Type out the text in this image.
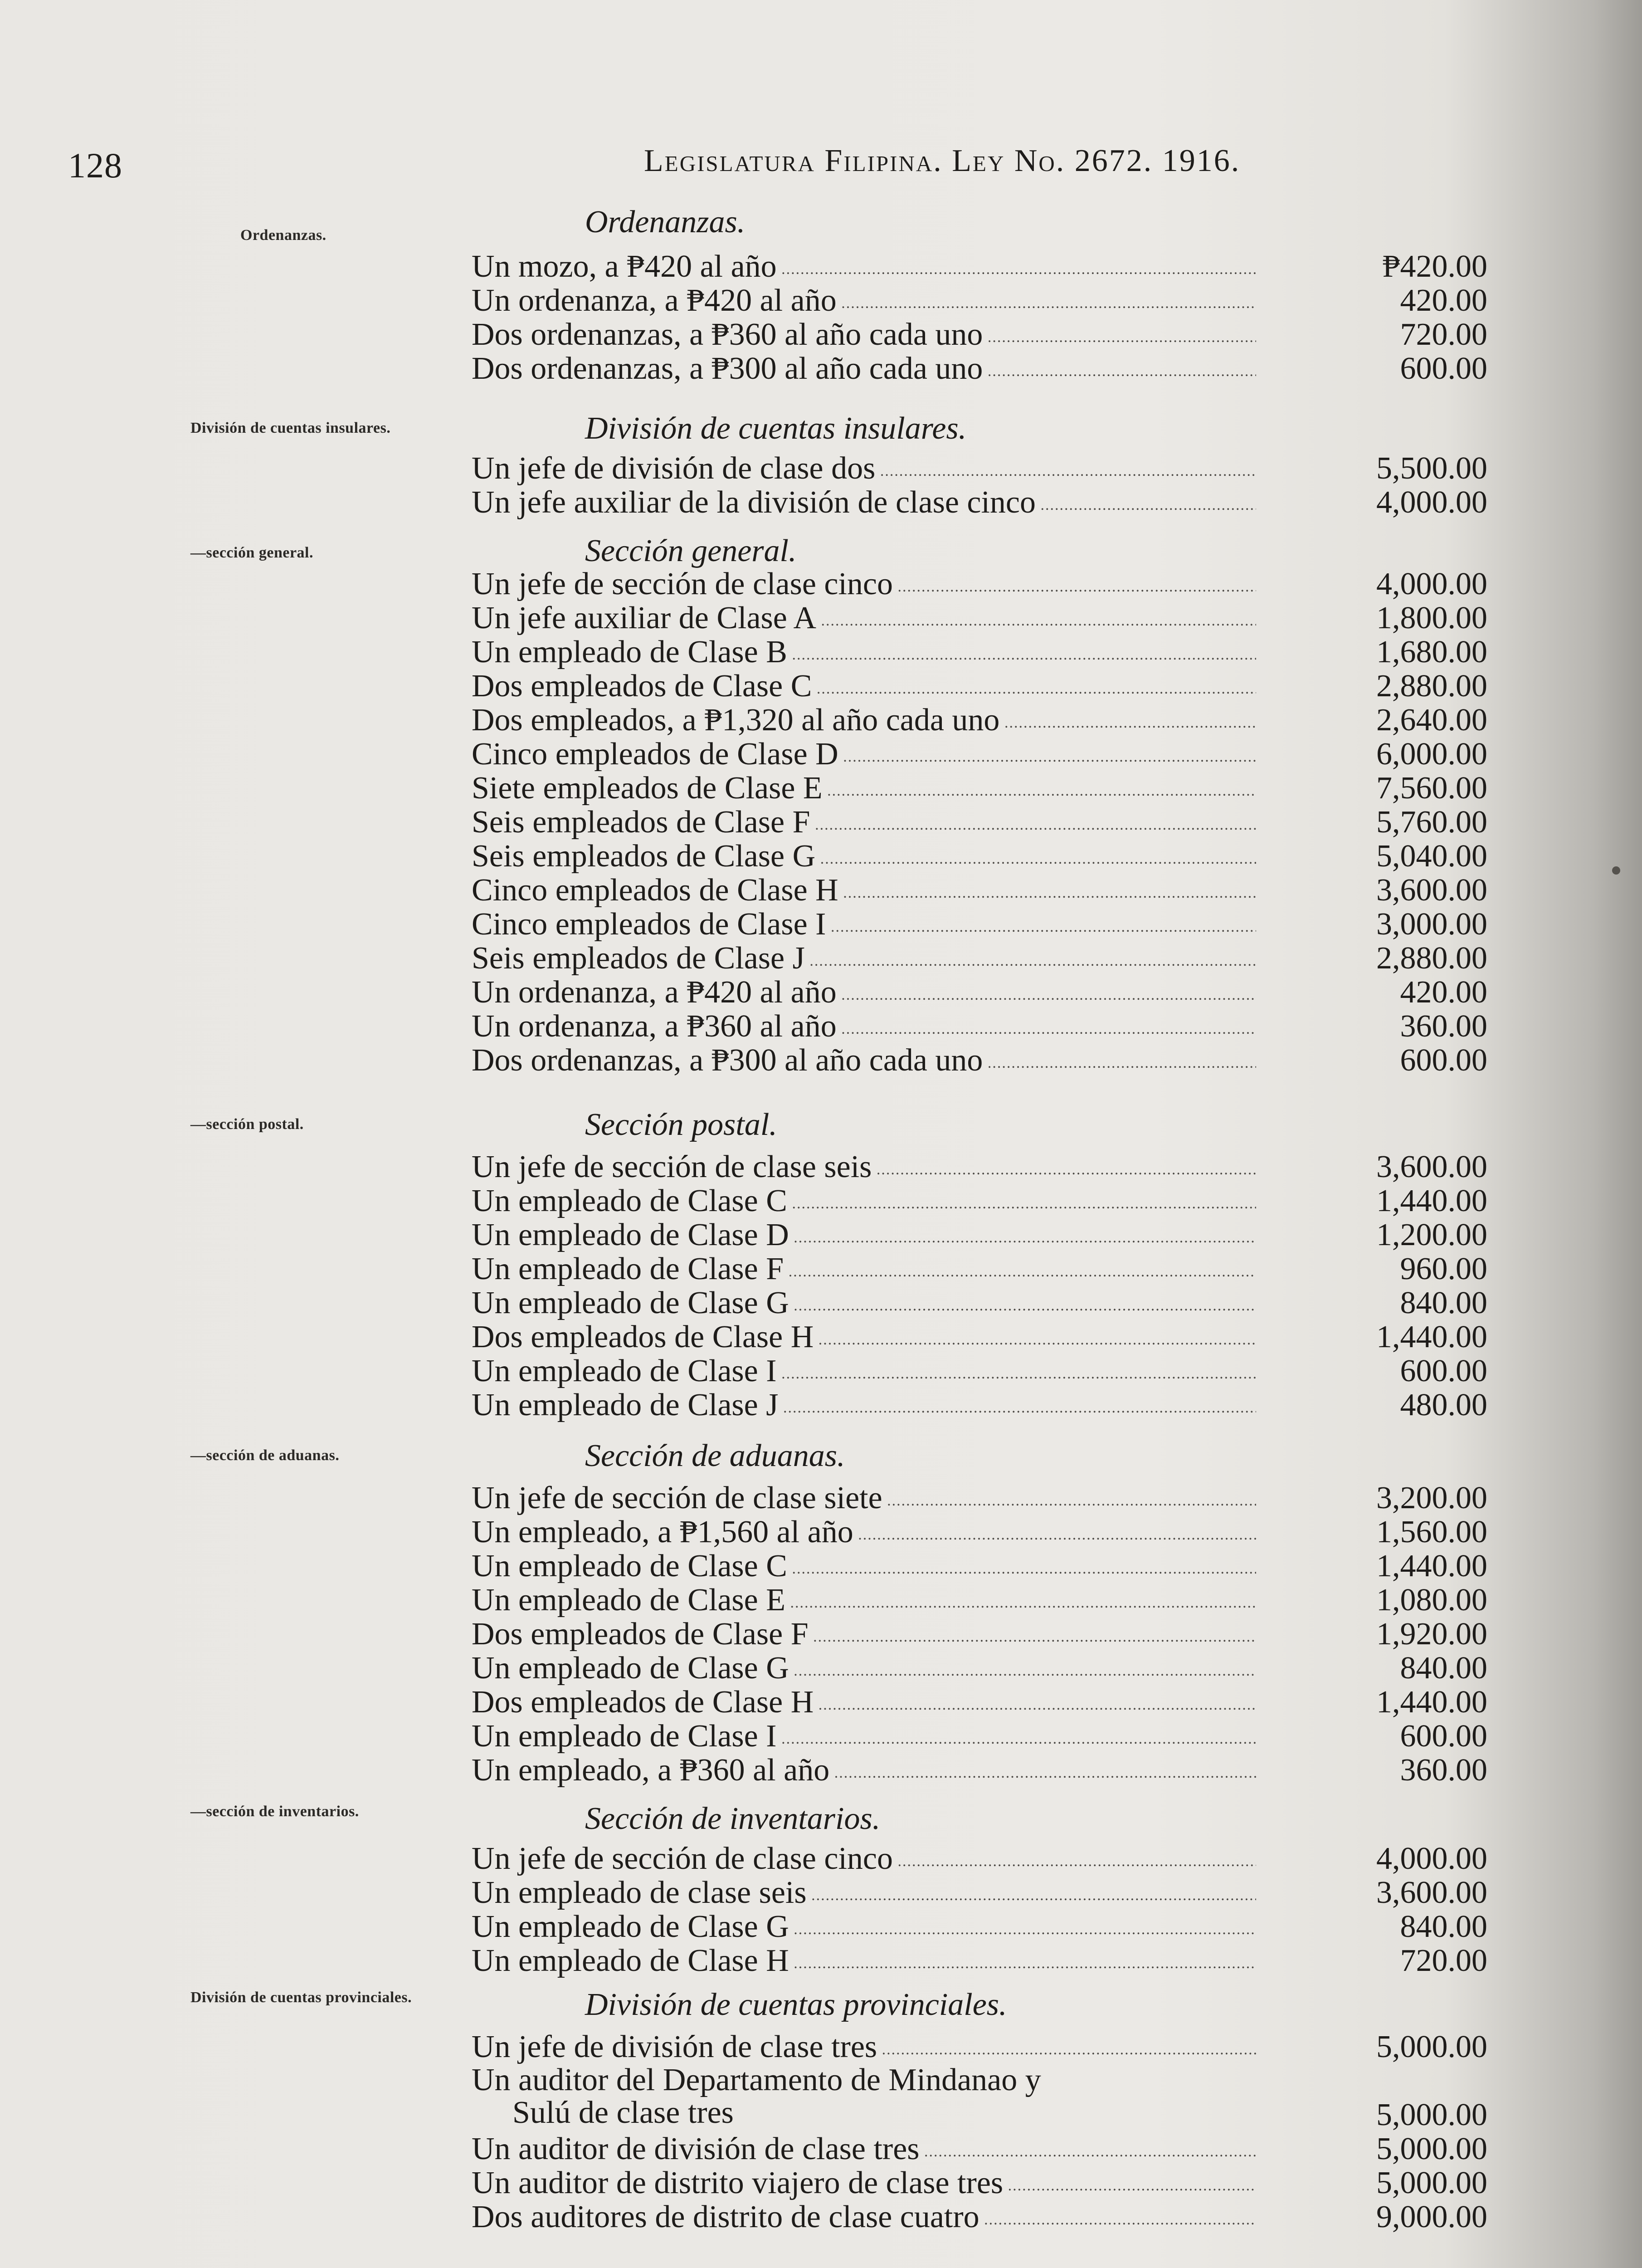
128	Legislatura Filipina. Ley No. 2672. 1916.
Ordenanzas.
División de cuentas insulares.
—sección general.
—sección postal.
—sección de aduanas.
—sección de inventarios.
División de cuentas provinciales.
Ordenanzas.
Un mozo, a ₱420 al año .....	₱420.00
Un ordenanza, a ₱420 al año .....	420.00
Dos ordenanzas, a ₱360 al año cada uno .....	720.00
Dos ordenanzas, a ₱300 al año cada uno .....	600.00
División de cuentas insulares.
Un jefe de división de clase dos .....	5,500.00
Un jefe auxiliar de la división de clase cinco .....	4,000.00
Sección general.
Un jefe de sección de clase cinco .....	4,000.00
Un jefe auxiliar de Clase A .....	1,800.00
Un empleado de Clase B .....	1,680.00
Dos empleados de Clase C .....	2,880.00
Dos empleados, a ₱1,320 al año cada uno .....	2,640.00
Cinco empleados de Clase D .....	6,000.00
Siete empleados de Clase E .....	7,560.00
Seis empleados de Clase F .....	5,760.00
Seis empleados de Clase G .....	5,040.00
Cinco empleados de Clase H .....	3,600.00
Cinco empleados de Clase I .....	3,000.00
Seis empleados de Clase J .....	2,880.00
Un ordenanza, a ₱420 al año .....	420.00
Un ordenanza, a ₱360 al año .....	360.00
Dos ordenanzas, a ₱300 al año cada uno .....	600.00
Sección postal.
Un jefe de sección de clase seis .....	3,600.00
Un empleado de Clase C .....	1,440.00
Un empleado de Clase D .....	1,200.00
Un empleado de Clase F .....	960.00
Un empleado de Clase G .....	840.00
Dos empleados de Clase H .....	1,440.00
Un empleado de Clase I .....	600.00
Un empleado de Clase J .....	480.00
Sección de aduanas.
Un jefe de sección de clase siete .....	3,200.00
Un empleado, a ₱1,560 al año .....	1,560.00
Un empleado de Clase C .....	1,440.00
Un empleado de Clase E .....	1,080.00
Dos empleados de Clase F .....	1,920.00
Un empleado de Clase G .....	840.00
Dos empleados de Clase H .....	1,440.00
Un empleado de Clase I .....	600.00
Un empleado, a ₱360 al año .....	360.00
Sección de inventarios.
Un jefe de sección de clase cinco .....	4,000.00
Un empleado de clase seis .....	3,600.00
Un empleado de Clase G .....	840.00
Un empleado de Clase H .....	720.00
División de cuentas provinciales.
Un jefe de división de clase tres .....	5,000.00
Un auditor del Departamento de Mindanao y
Sulú de clase tres .....	5,000.00
Un auditor de división de clase tres .....	5,000.00
Un auditor de distrito viajero de clase tres .....	5,000.00
Dos auditores de distrito de clase cuatro .....	9,000.00
